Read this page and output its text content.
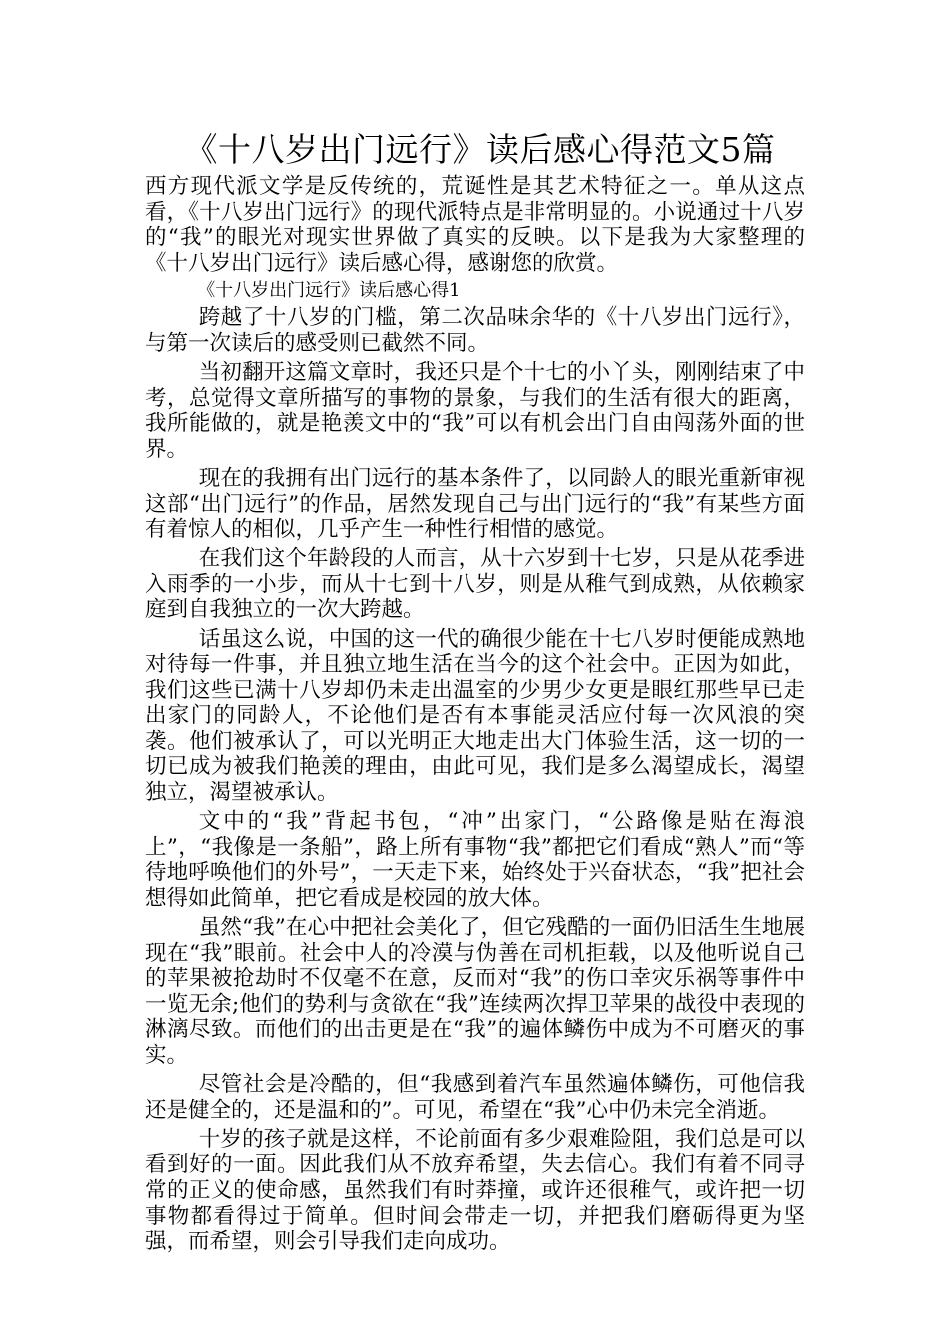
《十八岁出门远行》读后感心得范文5篇

西方现代派文学是反传统的，荒诞性是其艺术特征之一。单从这点看，《十八岁出门远行》的现代派特点是非常明显的。小说通过十八岁的“我”的眼光对现实世界做了真实的反映。以下是我为大家整理的《十八岁出门远行》读后感心得，感谢您的欣赏。

《十八岁出门远行》读后感心得1

跨越了十八岁的门槛，第二次品味余华的《十八岁出门远行》，与第一次读后的感受则已截然不同。

当初翻开这篇文章时，我还只是个十七的小丫头，刚刚结束了中考，总觉得文章所描写的事物的景象，与我们的生活有很大的距离，我所能做的，就是艳羡文中的“我”可以有机会出门自由闯荡外面的世界。

现在的我拥有出门远行的基本条件了，以同龄人的眼光重新审视这部“出门远行”的作品，居然发现自己与出门远行的“我”有某些方面有着惊人的相似，几乎产生一种性行相惜的感觉。

在我们这个年龄段的人而言，从十六岁到十七岁，只是从花季进入雨季的一小步，而从十七到十八岁，则是从稚气到成熟，从依赖家庭到自我独立的一次大跨越。

话虽这么说，中国的这一代的确很少能在十七八岁时便能成熟地对待每一件事，并且独立地生活在当今的这个社会中。正因为如此，我们这些已满十八岁却仍未走出温室的少男少女更是眼红那些早已走出家门的同龄人，不论他们是否有本事能灵活应付每一次风浪的突袭。他们被承认了，可以光明正大地走出大门体验生活，这一切的一切已成为被我们艳羡的理由，由此可见，我们是多么渴望成长，渴望独立，渴望被承认。

文中的“我”背起书包，“冲”出家门，“公路像是贴在海浪上”，“我像是一条船”，路上所有事物“我”都把它们看成“熟人”而“等待地呼唤他们的外号”，一天走下来，始终处于兴奋状态，“我”把社会想得如此简单，把它看成是校园的放大体。

虽然“我”在心中把社会美化了，但它残酷的一面仍旧活生生地展现在“我”眼前。社会中人的冷漠与伪善在司机拒载，以及他听说自己的苹果被抢劫时不仅毫不在意，反而对“我”的伤口幸灾乐祸等事件中一览无余;他们的势利与贪欲在“我”连续两次捍卫苹果的战役中表现的淋漓尽致。而他们的出击更是在“我”的遍体鳞伤中成为不可磨灭的事实。

尽管社会是冷酷的，但“我感到着汽车虽然遍体鳞伤，可他信我还是健全的，还是温和的”。可见，希望在“我”心中仍未完全消逝。

十岁的孩子就是这样，不论前面有多少艰难险阻，我们总是可以看到好的一面。因此我们从不放弃希望，失去信心。我们有着不同寻常的正义的使命感，虽然我们有时莽撞，或许还很稚气，或许把一切事物都看得过于简单。但时间会带走一切，并把我们磨砺得更为坚强，而希望，则会引导我们走向成功。
